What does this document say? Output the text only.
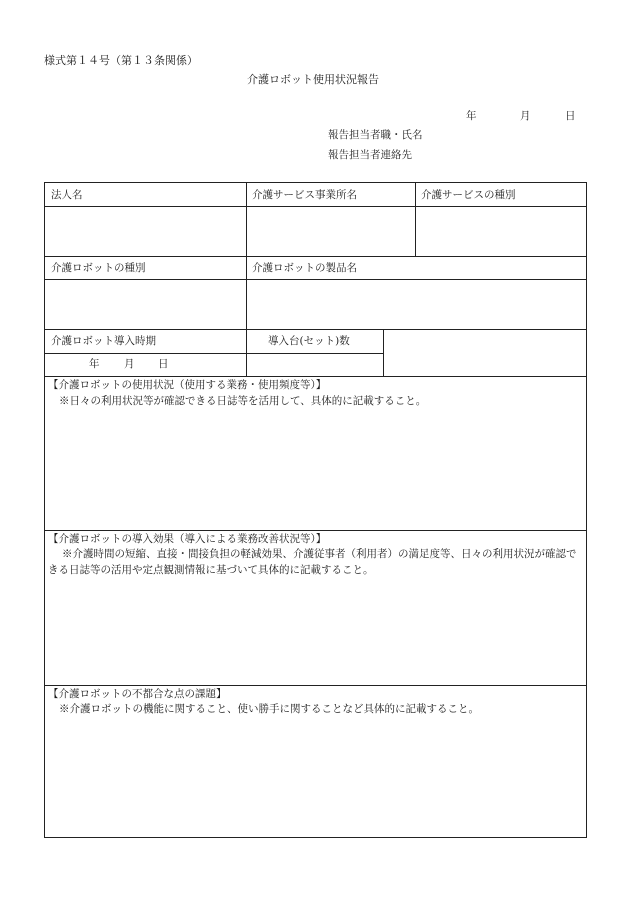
様式第１４号（第１３条関係）
介護ロボット使用状況報告
年	月	日
報告担当者職・氏名
報告担当者連絡先
法人名	介護サービス事業所名	介護サービスの種別
介護ロボットの種別	介護ロボットの製品名
介護ロボット導入時期	導入台(セット)数
年 月 日
【介護ロボットの使用状況（使用する業務・使用頻度等）】
※日々の利用状況等が確認できる日誌等を活用して、具体的に記載すること。
【介護ロボットの導入効果（導入による業務改善状況等）】
※介護時間の短縮、直接・間接負担の軽減効果、介護従事者（利用者）の満足度等、日々の利用状況が確認できる日誌等の活用や定点観測情報に基づいて具体的に記載すること。
【介護ロボットの不都合な点の課題】
※介護ロボットの機能に関すること、使い勝手に関することなど具体的に記載すること。
